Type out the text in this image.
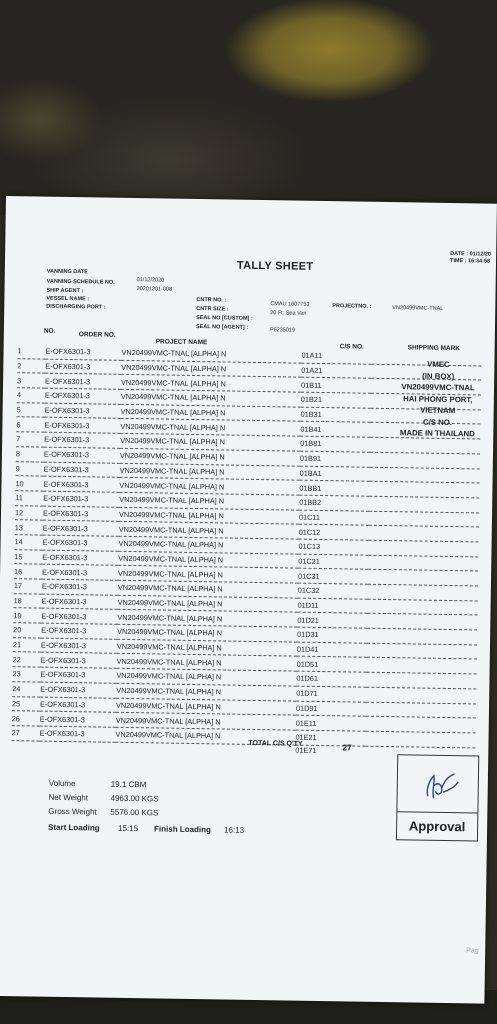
TALLY SHEET
DATE : 01/12/20
TIME : 16:34:58
VANNING DATE
VANNING SCHEDULE NO.	01/12/2020
20201201-008
SHIP AGENT :
VESSEL NAME :
DISCHARGING PORT :
CNTR NO. :
CMAU 1607753
CNTR SIZE :
20 Ft. Sea Van
SEAL NO [CUSTOM] :
SEAL NO [AGENT] :	P6235019
PROJECTNO. :	VN20499VMC-TNAL
NO.	ORDER NO.
PROJECT NAME
C/S NO.	SHIPPING MARK
1	E-OFX6301-3	VN20499VMC-TNAL [ALPHA] N	01A11	
2	E-OFX6301-3	VN20499VMC-TNAL [ALPHA] N	01A21	
3	E-OFX6301-3	VN20499VMC-TNAL [ALPHA] N	01B11	
4	E-OFX6301-3	VN20499VMC-TNAL [ALPHA] N	01B21	
5	E-OFX6301-3	VN20499VMC-TNAL [ALPHA] N	01B31	
6	E-OFX6301-3	VN20499VMC-TNAL [ALPHA] N	01B41	
7	E-OFX6301-3	VN20499VMC-TNAL [ALPHA] N	01B81	
8	E-OFX6301-3	VN20499VMC-TNAL [ALPHA] N	01B91	
9	E-OFX6301-3	VN20499VMC-TNAL [ALPHA] N	01BA1	
10	E-OFX6301-3	VN20499VMC-TNAL [ALPHA] N	01BB1	
11	E-OFX6301-3	VN20499VMC-TNAL [ALPHA] N	01BB2	
12	E-OFX6301-3	VN20499VMC-TNAL [ALPHA] N	01C11	
13	E-OFX6301-3	VN20499VMC-TNAL [ALPHA] N	01C12	
14	E-OFX6301-3	VN20499VMC-TNAL [ALPHA] N	01C13	
15	E-OFX6301-3	VN20499VMC-TNAL [ALPHA] N	01C21	
16	E-OFX6301-3	VN20499VMC-TNAL [ALPHA] N	01C31	
17	E-OFX6301-3	VN20499VMC-TNAL [ALPHA] N	01C32	
18	E-OFX6301-3	VN20499VMC-TNAL [ALPHA] N	01D11	
19	E-OFX6301-3	VN20499VMC-TNAL [ALPHA] N	01D21	
20	E-OFX6301-3	VN20499VMC-TNAL [ALPHA] N	01D31	
21	E-OFX6301-3	VN20499VMC-TNAL [ALPHA] N	01D41	
22	E-OFX6301-3	VN20499VMC-TNAL [ALPHA] N	01D51	
23	E-OFX6301-3	VN20499VMC-TNAL [ALPHA] N	01D61	
24	E-OFX6301-3	VN20499VMC-TNAL [ALPHA] N	01D71	
25	E-OFX6301-3	VN20499VMC-TNAL [ALPHA] N	01D91	
26	E-OFX6301-3	VN20499VMC-TNAL [ALPHA] N	01E11	
27	E-OFX6301-3	VN20499VMC-TNAL [ALPHA] N	01E21	
			01E71	
VMEC
(IN BOX)
VN20499VMC-TNAL
HAI PHONG PORT,
VIETNAM
C/S NO.
MADE IN THAILAND
TOTAL C/S Q'TY	27
Volume	19.1 CBM
Net Weight	4963.00 KGS
Gross Weight 5576.00 KGS
Start Loading 15:15 Finish Loading 16:13	Approval
Pag
